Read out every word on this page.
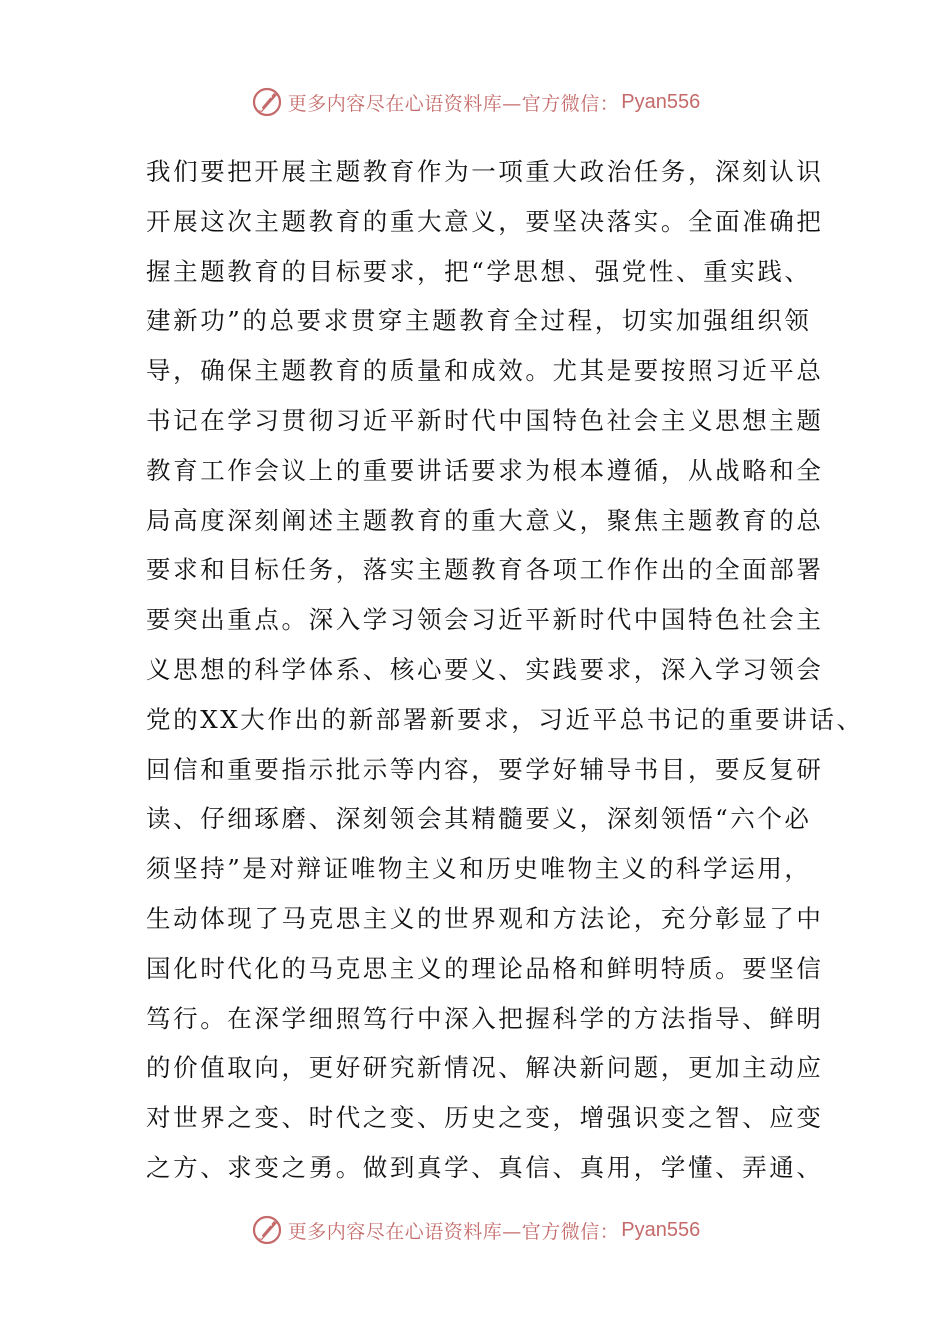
更多内容尽在心语资料库—官方微信： Pyan556
我们要把开展主题教育作为一项重大政治任务，深刻认识
开展这次主题教育的重大意义，要坚决落实。全面准确把
握主题教育的目标要求，把“学思想、强党性、重实践、
建新功”的总要求贯穿主题教育全过程，切实加强组织领
导，确保主题教育的质量和成效。尤其是要按照习近平总
书记在学习贯彻习近平新时代中国特色社会主义思想主题
教育工作会议上的重要讲话要求为根本遵循，从战略和全
局高度深刻阐述主题教育的重大意义，聚焦主题教育的总
要求和目标任务，落实主题教育各项工作作出的全面部署
要突出重点。深入学习领会习近平新时代中国特色社会主
义思想的科学体系、核心要义、实践要求，深入学习领会
党的XX大作出的新部署新要求，习近平总书记的重要讲话、
回信和重要指示批示等内容，要学好辅导书目，要反复研
读、仔细琢磨、深刻领会其精髓要义，深刻领悟“六个必
须坚持”是对辩证唯物主义和历史唯物主义的科学运用，
生动体现了马克思主义的世界观和方法论，充分彰显了中
国化时代化的马克思主义的理论品格和鲜明特质。要坚信
笃行。在深学细照笃行中深入把握科学的方法指导、鲜明
的价值取向，更好研究新情况、解决新问题，更加主动应
对世界之变、时代之变、历史之变，增强识变之智、应变
之方、求变之勇。做到真学、真信、真用，学懂、弄通、
更多内容尽在心语资料库—官方微信： Pyan556
